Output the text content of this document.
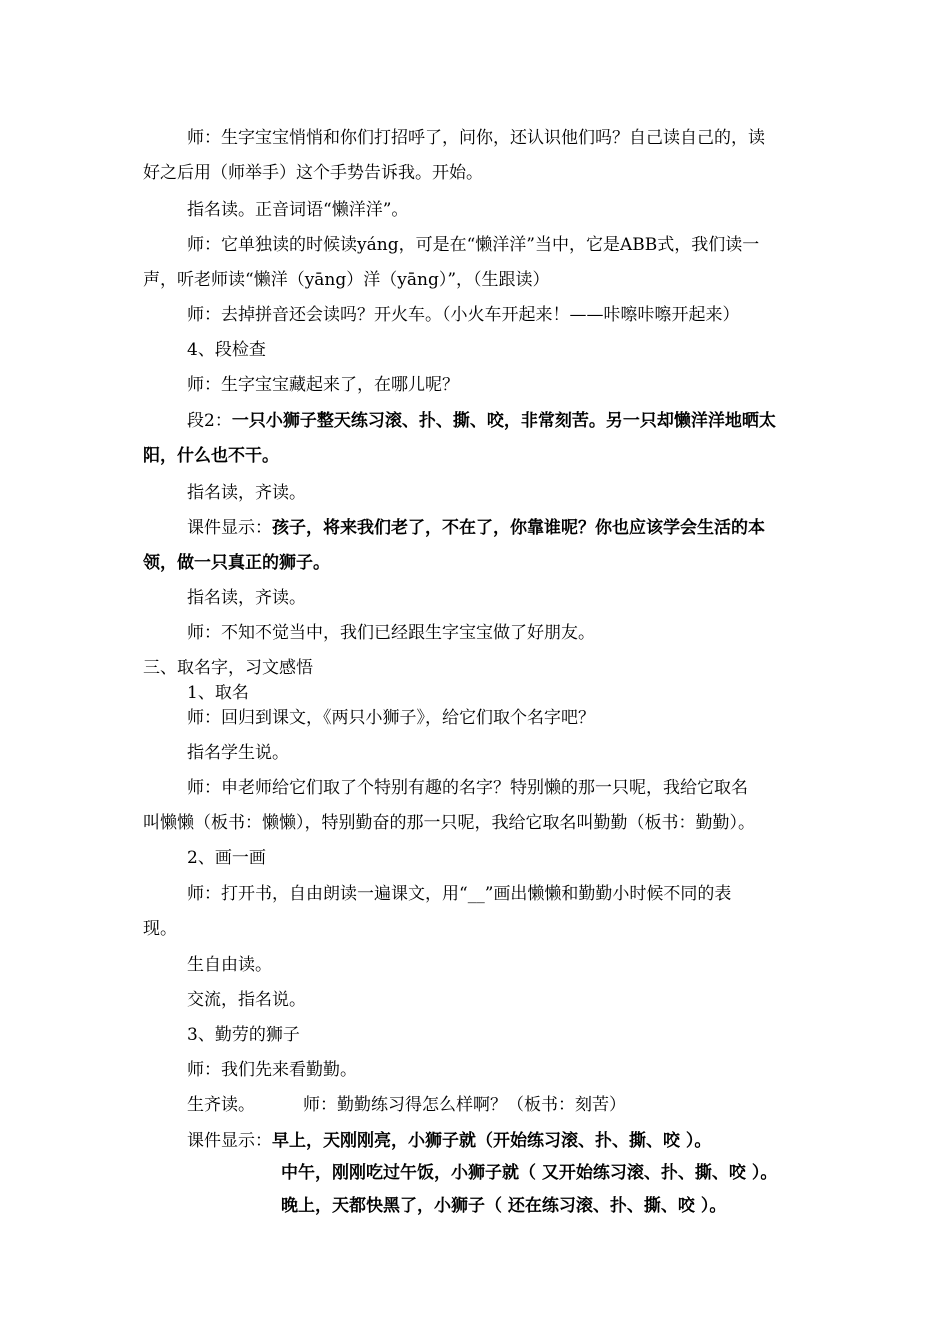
师：生字宝宝悄悄和你们打招呼了，问你，还认识他们吗？自己读自己的，读
好之后用（师举手）这个手势告诉我。开始。
指名读。正音词语“懒洋洋”。
师：它单独读的时候读yáng，可是在“懒洋洋”当中，它是ABB式，我们读一
声，听老师读“懒洋（yāng）洋（yāng）”，（生跟读）
师：去掉拼音还会读吗？开火车。（小火车开起来！——咔嚓咔嚓开起来）
4、段检查
师：生字宝宝藏起来了，在哪儿呢？
段2：一只小狮子整天练习滚、扑、撕、咬，非常刻苦。另一只却懒洋洋地晒太
阳，什么也不干。
指名读，齐读。
课件显示：孩子，将来我们老了，不在了，你靠谁呢？你也应该学会生活的本
领，做一只真正的狮子。
指名读，齐读。
师：不知不觉当中，我们已经跟生字宝宝做了好朋友。
三、取名字，习文感悟
1、取名
师：回归到课文，《两只小狮子》，给它们取个名字吧？
指名学生说。
师：申老师给它们取了个特别有趣的名字？特别懒的那一只呢，我给它取名
叫懒懒（板书：懒懒），特别勤奋的那一只呢，我给它取名叫勤勤（板书：勤勤）。
2、画一画
师：打开书，自由朗读一遍课文，用“__”画出懒懒和勤勤小时候不同的表
现。
生自由读。
交流，指名说。
3、勤劳的狮子
师：我们先来看勤勤。
生齐读。	师：勤勤练习得怎么样啊？（板书：刻苦）
课件显示：早上，天刚刚亮，小狮子就（开始练习滚、扑、撕、咬 ）。
中午，刚刚吃过午饭，小狮子就（ 又开始练习滚、扑、撕、咬 ）。
晚上，天都快黑了，小狮子（ 还在练习滚、扑、撕、咬 ）。
